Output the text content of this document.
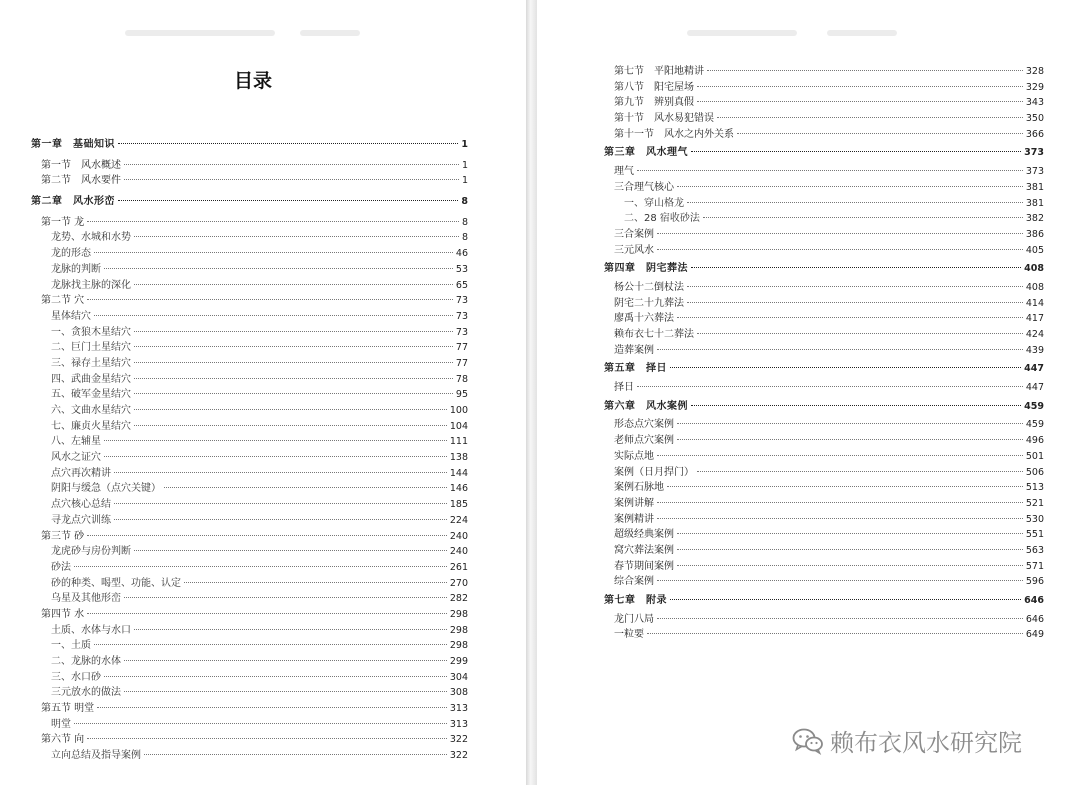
目录
第一章　基础知识	1
第一节　风水概述	1
第二节　风水要件	1
第二章　风水形峦	8
第一节 龙	8
龙势、水城和水势	8
龙的形态	46
龙脉的判断	53
龙脉找主脉的深化	65
第二节 穴	73
星体结穴	73
一、贪狼木星结穴	73
二、巨门土星结穴	77
三、禄存土星结穴	77
四、武曲金星结穴	78
五、破军金星结穴	95
六、文曲水星结穴	100
七、廉贞火星结穴	104
八、左辅星	111
风水之证穴	138
点穴再次精讲	144
阴阳与缓急（点穴关键）	146
点穴核心总结	185
寻龙点穴训练	224
第三节 砂	240
龙虎砂与房份判断	240
砂法	261
砂的种类、喝型、功能、认定	270
乌星及其他形峦	282
第四节 水	298
土质、水体与水口	298
一、土质	298
二、龙脉的水体	299
三、水口砂	304
三元放水的做法	308
第五节 明堂	313
明堂	313
第六节 向	322
立向总结及指导案例	322
第七节　平阳地精讲	328
第八节　阳宅屋场	329
第九节　辨别真假	343
第十节　风水易犯错误	350
第十一节　风水之内外关系	366
第三章　风水理气	373
理气	373
三合理气核心	381
一、穿山格龙	381
二、28 宿收砂法	382
三合案例	386
三元风水	405
第四章　阴宅葬法	408
杨公十二倒杖法	408
阴宅二十九葬法	414
廖禹十六葬法	417
赖布衣七十二葬法	424
造葬案例	439
第五章　择日	447
择日	447
第六章　风水案例	459
形态点穴案例	459
老师点穴案例	496
实际点地	501
案例（日月捍门）	506
案例石脉地	513
案例讲解	521
案例精讲	530
超级经典案例	551
窝穴葬法案例	563
春节期间案例	571
综合案例	596
第七章　附录	646
龙门八局	646
一粒要	649
赖布衣风水研究院
